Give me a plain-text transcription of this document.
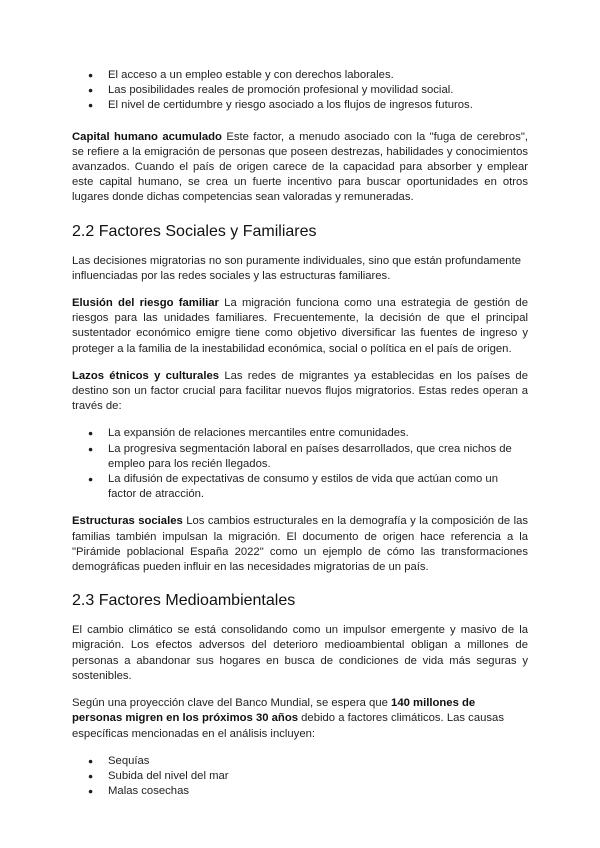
● El acceso a un empleo estable y con derechos laborales.
● Las posibilidades reales de promoción profesional y movilidad social.
● El nivel de certidumbre y riesgo asociado a los flujos de ingresos futuros.

Capital humano acumulado Este factor, a menudo asociado con la "fuga de cerebros", se refiere a la emigración de personas que poseen destrezas, habilidades y conocimientos avanzados. Cuando el país de origen carece de la capacidad para absorber y emplear este capital humano, se crea un fuerte incentivo para buscar oportunidades en otros lugares donde dichas competencias sean valoradas y remuneradas.

2.2 Factores Sociales y Familiares

Las decisiones migratorias no son puramente individuales, sino que están profundamente influenciadas por las redes sociales y las estructuras familiares.

Elusión del riesgo familiar La migración funciona como una estrategia de gestión de riesgos para las unidades familiares. Frecuentemente, la decisión de que el principal sustentador económico emigre tiene como objetivo diversificar las fuentes de ingreso y proteger a la familia de la inestabilidad económica, social o política en el país de origen.

Lazos étnicos y culturales Las redes de migrantes ya establecidas en los países de destino son un factor crucial para facilitar nuevos flujos migratorios. Estas redes operan a través de:

● La expansión de relaciones mercantiles entre comunidades.
● La progresiva segmentación laboral en países desarrollados, que crea nichos de empleo para los recién llegados.
● La difusión de expectativas de consumo y estilos de vida que actúan como un factor de atracción.

Estructuras sociales Los cambios estructurales en la demografía y la composición de las familias también impulsan la migración. El documento de origen hace referencia a la "Pirámide poblacional España 2022" como un ejemplo de cómo las transformaciones demográficas pueden influir en las necesidades migratorias de un país.

2.3 Factores Medioambientales

El cambio climático se está consolidando como un impulsor emergente y masivo de la migración. Los efectos adversos del deterioro medioambiental obligan a millones de personas a abandonar sus hogares en busca de condiciones de vida más seguras y sostenibles.

Según una proyección clave del Banco Mundial, se espera que 140 millones de personas migren en los próximos 30 años debido a factores climáticos. Las causas específicas mencionadas en el análisis incluyen:

● Sequías
● Subida del nivel del mar
● Malas cosechas
